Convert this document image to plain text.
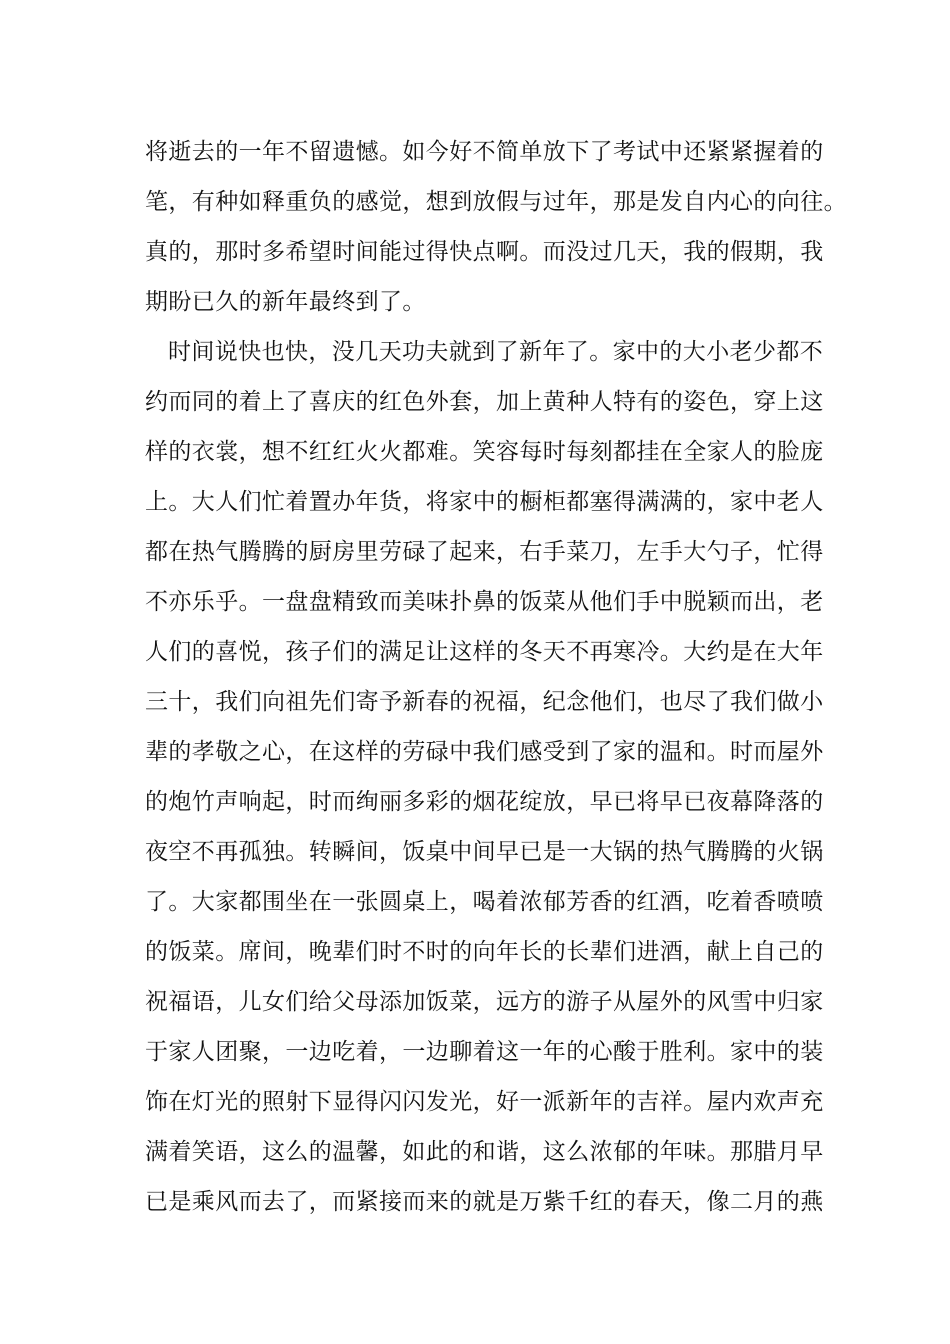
将逝去的一年不留遗憾。如今好不简单放下了考试中还紧紧握着的
笔，有种如释重负的感觉，想到放假与过年，那是发自内心的向往。
真的，那时多希望时间能过得快点啊。而没过几天，我的假期，我
期盼已久的新年最终到了。
时间说快也快，没几天功夫就到了新年了。家中的大小老少都不
约而同的着上了喜庆的红色外套，加上黄种人特有的姿色，穿上这
样的衣裳，想不红红火火都难。笑容每时每刻都挂在全家人的脸庞
上。大人们忙着置办年货，将家中的橱柜都塞得满满的，家中老人
都在热气腾腾的厨房里劳碌了起来，右手菜刀，左手大勺子，忙得
不亦乐乎。一盘盘精致而美味扑鼻的饭菜从他们手中脱颖而出，老
人们的喜悦，孩子们的满足让这样的冬天不再寒冷。大约是在大年
三十，我们向祖先们寄予新春的祝福，纪念他们，也尽了我们做小
辈的孝敬之心，在这样的劳碌中我们感受到了家的温和。时而屋外
的炮竹声响起，时而绚丽多彩的烟花绽放，早已将早已夜幕降落的
夜空不再孤独。转瞬间，饭桌中间早已是一大锅的热气腾腾的火锅
了。大家都围坐在一张圆桌上，喝着浓郁芳香的红酒，吃着香喷喷
的饭菜。席间，晚辈们时不时的向年长的长辈们进酒，献上自己的
祝福语，儿女们给父母添加饭菜，远方的游子从屋外的风雪中归家
于家人团聚，一边吃着，一边聊着这一年的心酸于胜利。家中的装
饰在灯光的照射下显得闪闪发光，好一派新年的吉祥。屋内欢声充
满着笑语，这么的温馨，如此的和谐，这么浓郁的年味。那腊月早
已是乘风而去了，而紧接而来的就是万紫千红的春天，像二月的燕
